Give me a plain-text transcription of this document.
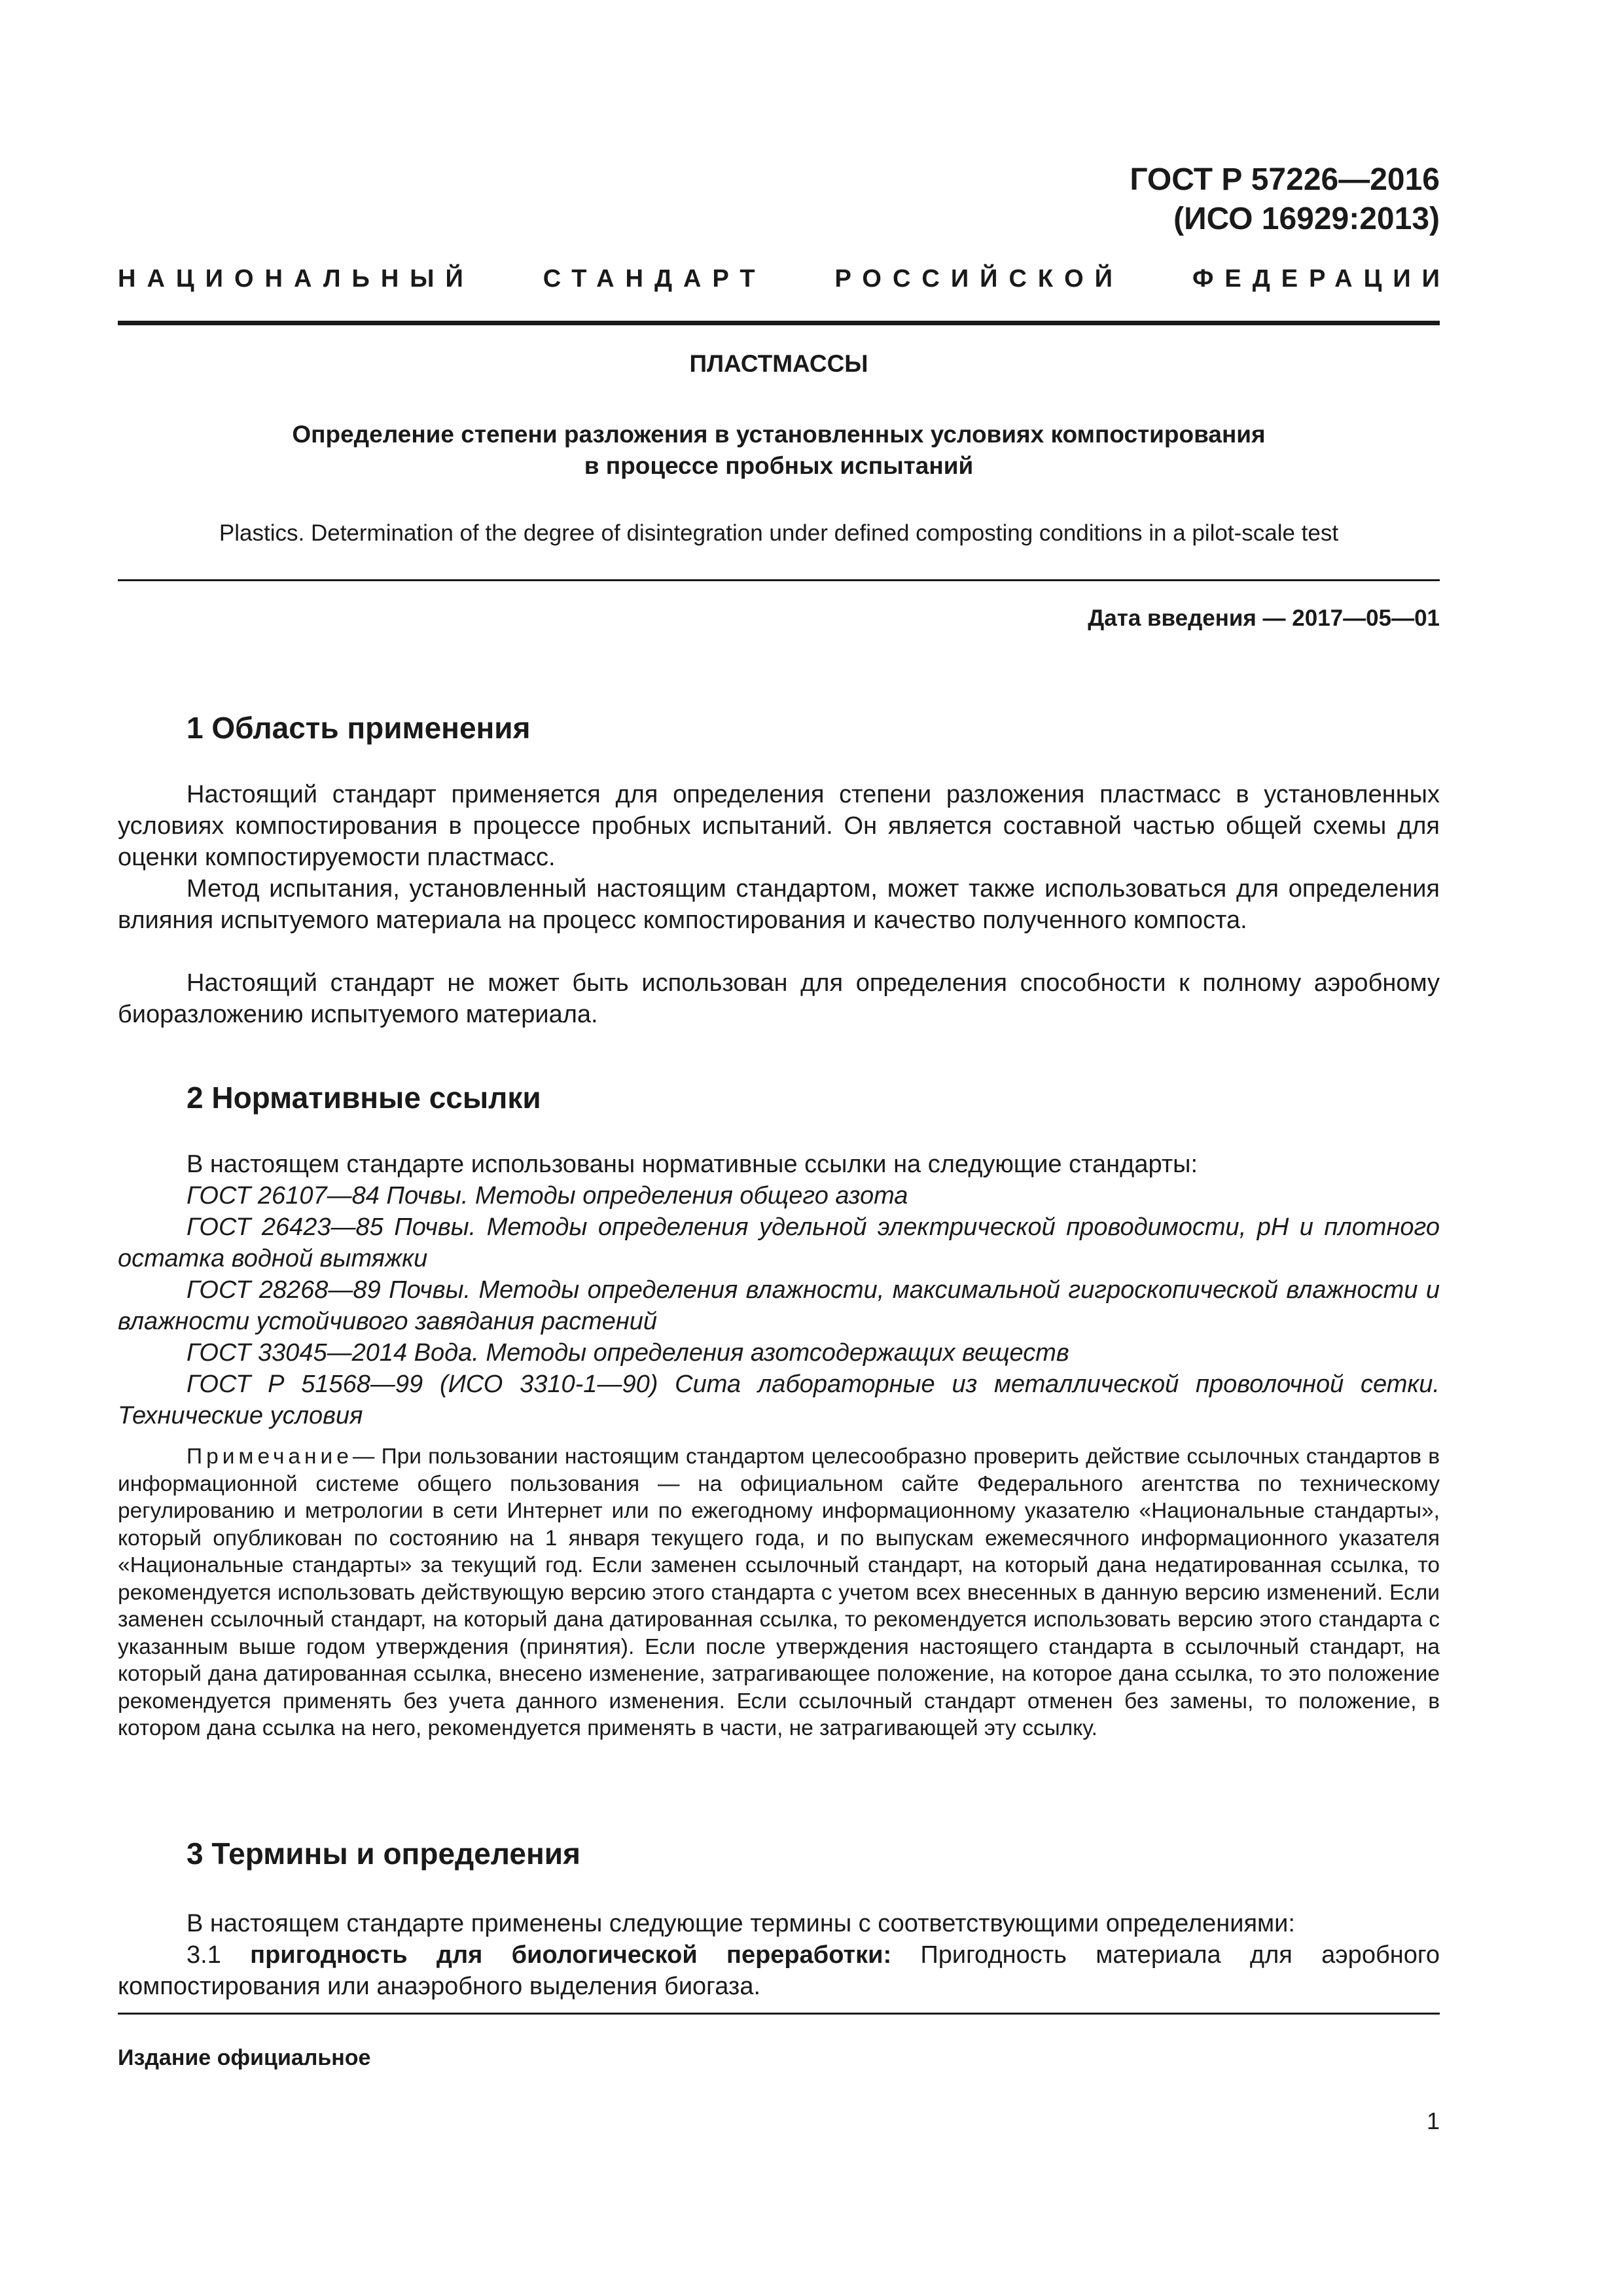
ГОСТ Р 57226—2016
(ИСО 16929:2013)
НАЦИОНАЛЬНЫЙ	СТАНДАРТ	РОССИЙСКОЙ	ФЕДЕРАЦИИ
ПЛАСТМАССЫ
Определение степени разложения в установленных условиях компостирования
в процессе пробных испытаний
Plastics. Determination of the degree of disintegration under defined composting conditions in a pilot-scale test
Дата введения — 2017—05—01
1 Область применения

Настоящий стандарт применяется для определения степени разложения пластмасс в установленных условиях компостирования в процессе пробных испытаний. Он является составной частью общей схемы для оценки компостируемости пластмасс.

Метод испытания, установленный настоящим стандартом, может также использоваться для определения влияния испытуемого материала на процесс компостирования и качество полученного компоста.

Настоящий стандарт не может быть использован для определения способности к полному аэробному биоразложению испытуемого материала.

2 Нормативные ссылки

В настоящем стандарте использованы нормативные ссылки на следующие стандарты:

ГОСТ 26107—84 Почвы. Методы определения общего азота

ГОСТ 26423—85 Почвы. Методы определения удельной электрической проводимости, pH и плотного остатка водной вытяжки

ГОСТ 28268—89 Почвы. Методы определения влажности, максимальной гигроскопической влажности и влажности устойчивого завядания растений

ГОСТ 33045—2014 Вода. Методы определения азотсодержащих веществ

ГОСТ Р 51568—99 (ИСО 3310-1—90) Сита лабораторные из металлической проволочной сетки. Технические условия

Примечание— При пользовании настоящим стандартом целесообразно проверить действие ссылочных стандартов в информационной системе общего пользования — на официальном сайте Федерального агентства по техническому регулированию и метрологии в сети Интернет или по ежегодному информационному указателю «Национальные стандарты», который опубликован по состоянию на 1 января текущего года, и по выпускам ежемесячного информационного указателя «Национальные стандарты» за текущий год. Если заменен ссылочный стандарт, на который дана недатированная ссылка, то рекомендуется использовать действующую версию этого стандарта с учетом всех внесенных в данную версию изменений. Если заменен ссылочный стандарт, на который дана датированная ссылка, то рекомендуется использовать версию этого стандарта с указанным выше годом утверждения (принятия). Если после утверждения настоящего стандарта в ссылочный стандарт, на который дана датированная ссылка, внесено изменение, затрагивающее положение, на которое дана ссылка, то это положение рекомендуется применять без учета данного изменения. Если ссылочный стандарт отменен без замены, то положение, в котором дана ссылка на него, рекомендуется применять в части, не затрагивающей эту ссылку.

3 Термины и определения

В настоящем стандарте применены следующие термины с соответствующими определениями:

3.1 пригодность для биологической переработки: Пригодность материала для аэробного компостирования или анаэробного выделения биогаза.

Издание официальное
1
